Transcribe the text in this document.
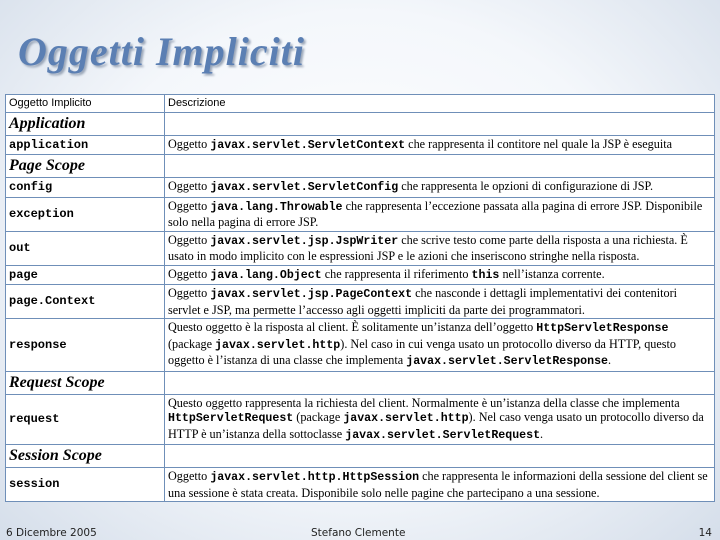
Oggetti Impliciti
Oggetto Implicito	Descrizione
Application	
application	Oggetto javax.servlet.ServletContext che rappresenta il contitore nel quale la JSP è eseguita
Page Scope	
config	Oggetto javax.servlet.ServletConfig che rappresenta le opzioni di configurazione di JSP.
exception	Oggetto java.lang.Throwable che rappresenta l’eccezione passata alla pagina di errore JSP. Disponibile solo nella pagina di errore JSP.
out	Oggetto javax.servlet.jsp.JspWriter che scrive testo come parte della risposta a una richiesta. È usato in modo implicito con le espressioni JSP e le azioni che inseriscono stringhe nella risposta.
page	Oggetto java.lang.Object che rappresenta il riferimento this nell’istanza corrente.
page.Context	Oggetto javax.servlet.jsp.PageContext che nasconde i dettagli implementativi dei contenitori servlet e JSP, ma permette l’accesso agli oggetti impliciti da parte dei programmatori.
response	Questo oggetto è la risposta al client. È solitamente un’istanza dell’oggetto HttpServletResponse (package javax.servlet.http). Nel caso in cui venga usato un protocollo diverso da HTTP, questo oggetto è l’istanza di una classe che implementa javax.servlet.ServletResponse.
Request Scope	
request	Questo oggetto rappresenta la richiesta del client. Normalmente è un’istanza della classe che implementa HttpServletRequest (package javax.servlet.http). Nel caso venga usato un protocollo diverso da HTTP è un’istanza della sottoclasse javax.servlet.ServletRequest.
Session Scope	
session	Oggetto javax.servlet.http.HttpSession che rappresenta le informazioni della sessione del client se una sessione è stata creata. Disponibile solo nelle pagine che partecipano a una sessione.
6 Dicembre 2005	Stefano Clemente	14
